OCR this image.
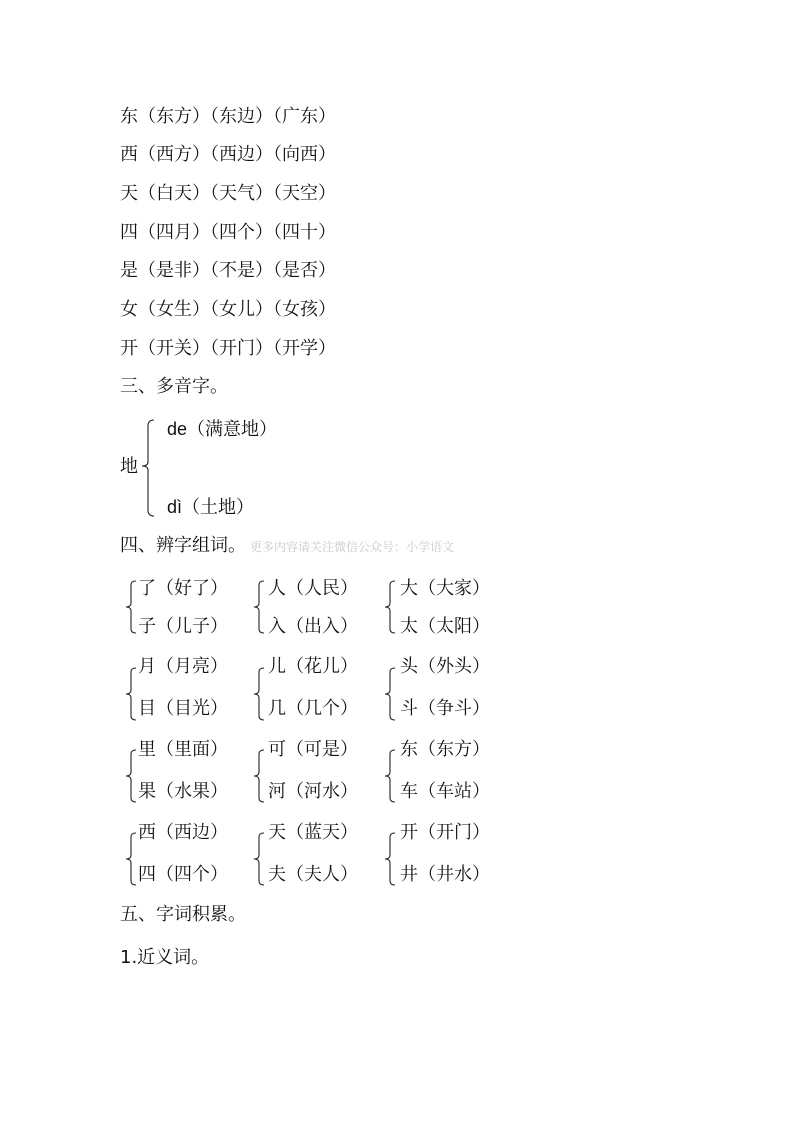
东（东方）（东边）（广东）
西（西方）（西边）（向西）
天（白天）（天气）（天空）
四（四月）（四个）（四十）
是（是非）（不是）（是否）
女（女生）（女儿）（女孩）
开（开关）（开门）（开学）
三、多音字。
地
de（满意地）
dì（土地）
四、辨字组词。 更多内容请关注微信公众号：小学语文
了（好了）
子（儿子）
人（人民）
入（出入）
大（大家）
太（太阳）
月（月亮）
目（目光）
儿（花儿）
几（几个）
头（外头）
斗（争斗）
里（里面）
果（水果）
可（可是）
河（河水）
东（东方）
车（车站）
西（西边）
四（四个）
天（蓝天）
夫（夫人）
开（开门）
井（井水）
五、字词积累。
1.近义词。
